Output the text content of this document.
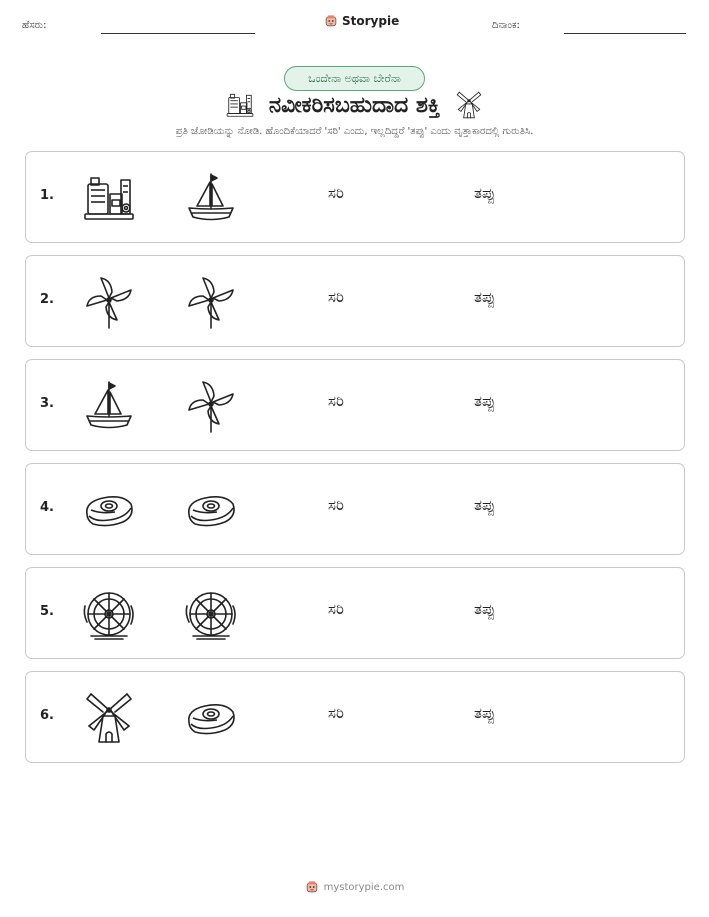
ಹೆಸರು:	Storypie	ದಿನಾಂಕ:
ಒಂದೇನಾ ಅಥವಾ ಬೇರೆನಾ
ನವೀಕರಿಸಬಹುದಾದ ಶಕ್ತಿ
ಪ್ರತಿ ಜೋಡಿಯನ್ನು ನೋಡಿ. ಹೊಂದಿಕೆಯಾದರೆ 'ಸರಿ' ಎಂದು, ಇಲ್ಲದಿದ್ದರೆ 'ತಪ್ಪು' ಎಂದು ವೃತ್ತಾಕಾರದಲ್ಲಿ ಗುರುತಿಸಿ.
1.	ಸರಿ	ತಪ್ಪು
2.	ಸರಿ	ತಪ್ಪು
3.	ಸರಿ	ತಪ್ಪು
4.	ಸರಿ	ತಪ್ಪು
5.	ಸರಿ	ತಪ್ಪು
6.	ಸರಿ	ತಪ್ಪು
mystorypie.com
